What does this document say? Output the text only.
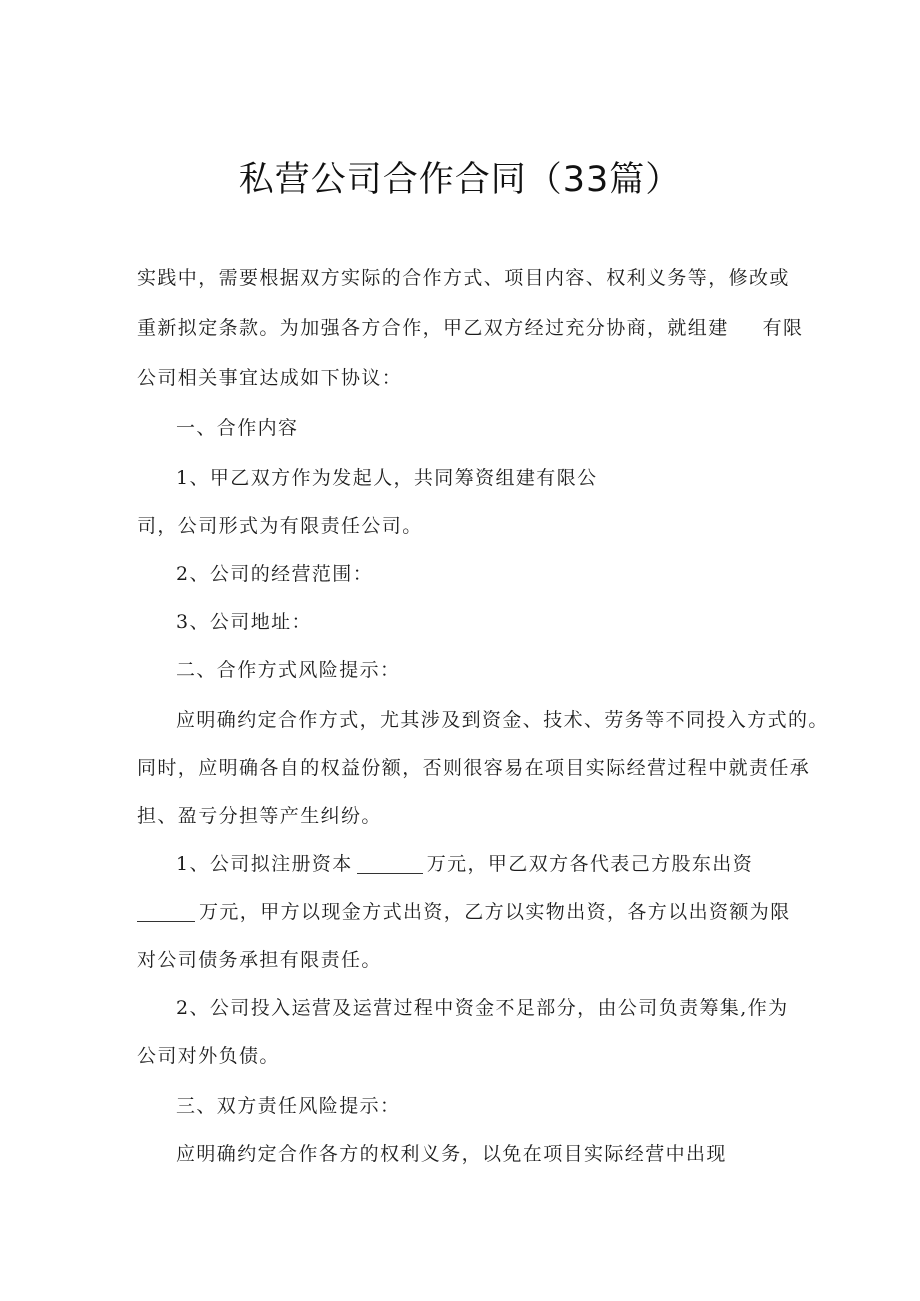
私营公司合作合同（33篇）
实践中，需要根据双方实际的合作方式、项目内容、权利义务等，修改或
重新拟定条款。为加强各方合作，甲乙双方经过充分协商，就组建 有限
公司相关事宜达成如下协议：
一、合作内容
1、甲乙双方作为发起人，共同筹资组建有限公
司，公司形式为有限责任公司。
2、公司的经营范围：
3、公司地址：
二、合作方式风险提示：
应明确约定合作方式，尤其涉及到资金、技术、劳务等不同投入方式的。
同时，应明确各自的权益份额，否则很容易在项目实际经营过程中就责任承
担、盈亏分担等产生纠纷。
1、公司拟注册资本	万元，甲乙双方各代表己方股东出资
万元，甲方以现金方式出资，乙方以实物出资，各方以出资额为限
对公司债务承担有限责任。
2、公司投入运营及运营过程中资金不足部分，由公司负责筹集,作为
公司对外负债。
三、双方责任风险提示：
应明确约定合作各方的权利义务，以免在项目实际经营中出现
